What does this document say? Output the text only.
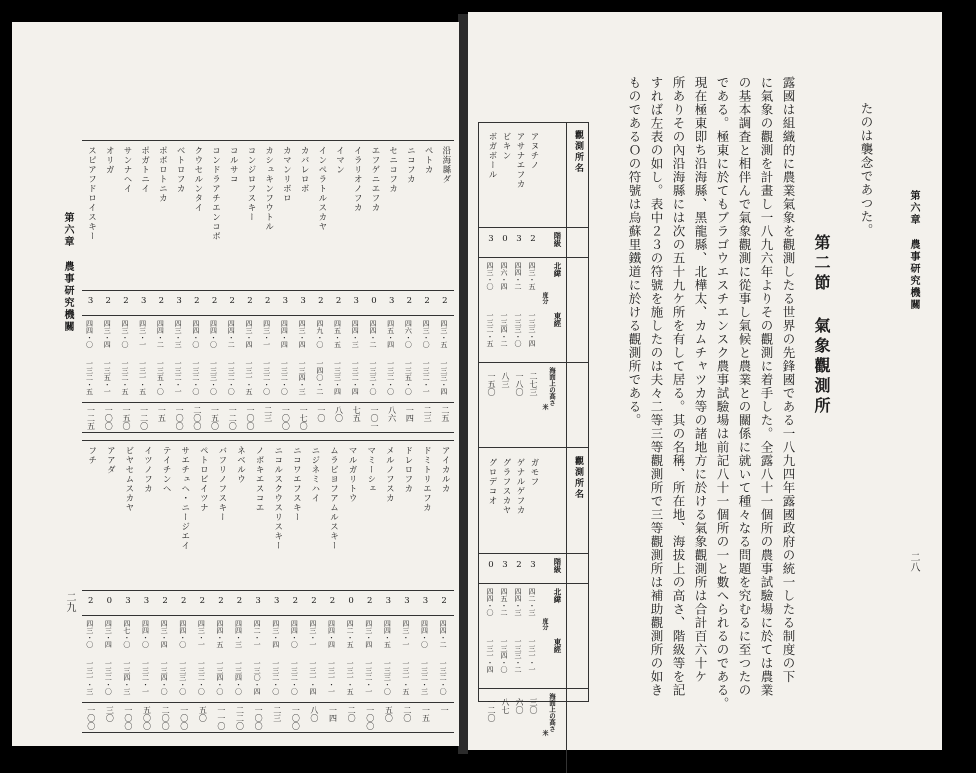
第六章 農事研究機關
二八
たのは襲念であつた。
第二節 氣象觀測所
露國は組織的に農業氣象を觀測したる世界の先鋒國である一八九四年露國政府の統一したる制度の下
に氣象の觀測を計畫し一八九六年よりその觀測に着手した。全露八十一個所の農事試驗場に於ては農業
の基本調査と相伴んで氣象觀測に從事し氣候と農業との關係に就いて種々なる問題を究むるに至つたの
である。極東に於てもブラゴウエスチエンスク農事試驗場は前記八十一個所の一と數へられるのである。
現在極東即ち沿海縣、黑龍縣、北樺太、カムチャツカ等の諸地方に於ける氣象觀測所は合計百六十ケ
所ありその內沿海縣には次の五十九ケ所を有して居る。其の名稱、所在地、海拔上の高さ、階級等を記
すれば左表の如し。表中２３の符號を施したのは夫々二等三等觀測所で三等觀測所は補助觀測所の如き
ものであるＯの符號は烏蘇里鐵道に於ける觀測所である。
觀測所名
階級
北緯
東經
海面上の高さ
度分
米
アヌチノ
2
四三・五
一三三・四
二七三
アサナエフカ
3
四四・二
一三三・〇
一八〇
ビキン
0
四六・四
一三四・二
八三
ボガボール
3
四三・〇
一三二・五
一五〇
觀測所名
階級
北緯
東經
海面上の高さ
度分
米
ガモフ
3
四二・三
一三一・一
三〇
ゲナルゲフカ
2
四四・三
一三三・二
六〇
グラフスカヤ
3
四五・二
一三四・〇
八七
グロデコオ
0
四四・〇
一三一・四
一二〇
第六章 農事研究機關
二九
沿海縣ダ
2
四三・五
一三三・四
二五
ペトカ
2
四三・〇
一三二・一
二三
ニコフカ
2
四六・〇
一三五・〇
一四
セニコフカ
3
四五・四
一三二・〇
八六
エフゲニエフカ
0
四四・二
一三三・〇
一〇一
イラリオノフカ
3
四四・三
一三二・四
七五
イマン
2
四五・五
一三三・四
八〇
インペラトルスカヤ
2
四九・〇
一四〇・二
一〇
カバレロボ
3
四三・四
一三四・三
一七〇
カマンリボロ
3
四四・四
一三二・〇
一〇〇
カシュキンフウトル
2
四三・一
一三二・〇
二三
コンジロフスキー
2
四三・四
一三一・五
一〇〇
コルサコ
2
四四・二
一三二・〇
一二〇
コンドラアチエンコボ
2
四四・〇
一三三・〇
一五〇
クウセルンタイ
2
四四・〇
一三二・〇
二〇〇
ベトロフカ
3
四三・三
一三二・一
一〇〇
ポボロトニカ
2
四四・二
一三五・〇
一五
ポガトニイ
3
四三・一
一三一・五
一二〇
サンナヘイ
2
四三・〇
一三二・五
一五〇
オリガ
2
四三・四
一三五・一
一〇〇
スピアフドロイスキー
3
四四・〇
一三二・五
一二五
アイカルカ
2
四四・二
一三二・〇
一
ドミトリエフカ
3
四四・〇
一三二・三
一五
ドレロフカ
3
四三・一
一三一・五
二〇
メルノフスカ
3
四四・五
一三三・〇
五〇
マミーシェ
2
四三・四
一三二・一
一〇〇
マルガリトウ
0
四二・五
一三一・五
二〇
ムラビヨフアムルスキー
2
四四・四
一三一・一
一四
ニジネミハイ
2
四三・一
一三一・四
八〇
ニコワエフスキー
2
四四・〇
一三二・〇
一〇〇
ニコルスクウスリスキー
3
四三・四
一三二・〇
二三
ノボキエスコエ
3
四二・一
一三〇・四
一〇〇
ネベルウ
2
四四・三
一三四・〇
二二〇
バフリノフスキー
2
四四・五
一三四・〇
一一〇
ペトロビイツナ
2
四三・一
一三二・〇
五〇
サエチュヘ・ニージエイ
2
四四・〇
一三三・〇
一〇〇
テイチンヘ
2
四三・四
一三四・〇
二〇〇
イツノフカ
3
四四・〇
一三二・一
五〇〇
ビヤセムスカヤ
3
四七・〇
一三四・三
一〇〇
アアダ
0
四三・四
一三二・〇
三〇
フチ
2
四三・〇
一三一・三
一〇〇
